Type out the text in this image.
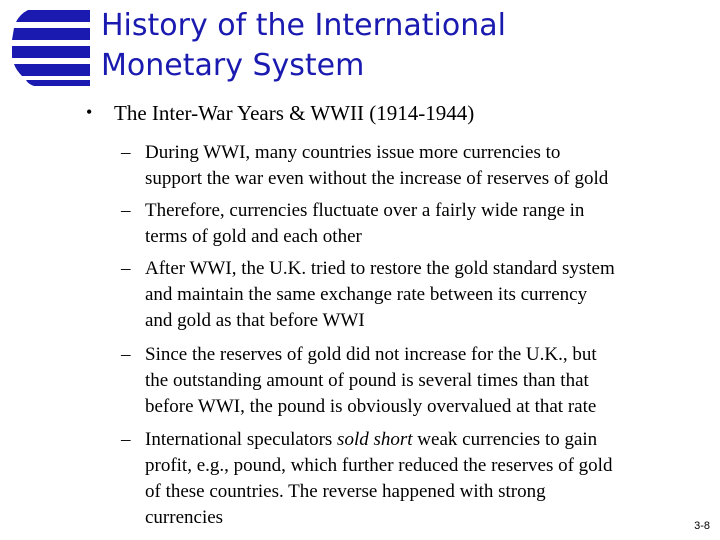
History of the International
Monetary System
• The Inter-War Years & WWII (1914-1944)
– During WWI, many countries issue more currencies to
support the war even without the increase of reserves of gold
– Therefore, currencies fluctuate over a fairly wide range in
terms of gold and each other
– After WWI, the U.K. tried to restore the gold standard system
and maintain the same exchange rate between its currency
and gold as that before WWI
– Since the reserves of gold did not increase for the U.K., but
the outstanding amount of pound is several times than that
before WWI, the pound is obviously overvalued at that rate
– International speculators sold short weak currencies to gain
profit, e.g., pound, which further reduced the reserves of gold
of these countries. The reverse happened with strong
currencies	3-8
